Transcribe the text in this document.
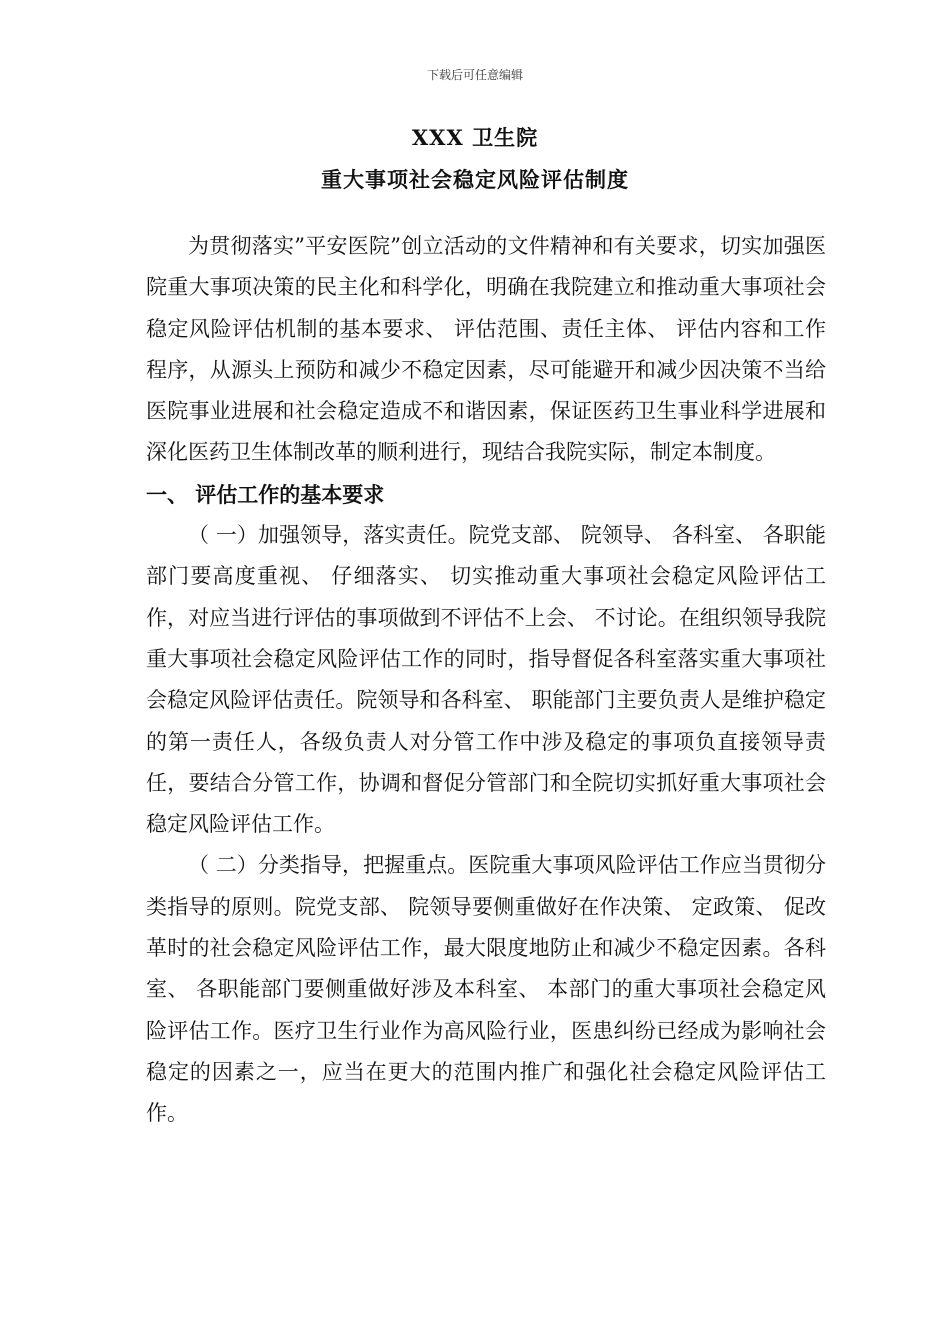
下载后可任意编辑
XXX 卫生院
重大事项社会稳定风险评估制度

为贯彻落实”平安医院”创立活动的文件精神和有关要求，切实加强医院重大事项决策的民主化和科学化，明确在我院建立和推动重大事项社会稳定风险评估机制的基本要求、 评估范围、责任主体、 评估内容和工作程序，从源头上预防和减少不稳定因素，尽可能避开和减少因决策不当给医院事业进展和社会稳定造成不和谐因素，保证医药卫生事业科学进展和深化医药卫生体制改革的顺利进行，现结合我院实际，制定本制度。

一、 评估工作的基本要求

（ 一）加强领导，落实责任。院党支部、 院领导、 各科室、 各职能部门要高度重视、 仔细落实、 切实推动重大事项社会稳定风险评估工作，对应当进行评估的事项做到不评估不上会、 不讨论。在组织领导我院重大事项社会稳定风险评估工作的同时，指导督促各科室落实重大事项社会稳定风险评估责任。院领导和各科室、 职能部门主要负责人是维护稳定的第一责任人，各级负责人对分管工作中涉及稳定的事项负直接领导责任，要结合分管工作，协调和督促分管部门和全院切实抓好重大事项社会稳定风险评估工作。

（ 二）分类指导，把握重点。医院重大事项风险评估工作应当贯彻分类指导的原则。院党支部、 院领导要侧重做好在作决策、 定政策、 促改革时的社会稳定风险评估工作，最大限度地防止和减少不稳定因素。各科室、 各职能部门要侧重做好涉及本科室、 本部门的重大事项社会稳定风险评估工作。医疗卫生行业作为高风险行业，医患纠纷已经成为影响社会稳定的因素之一，应当在更大的范围内推广和强化社会稳定风险评估工作。
